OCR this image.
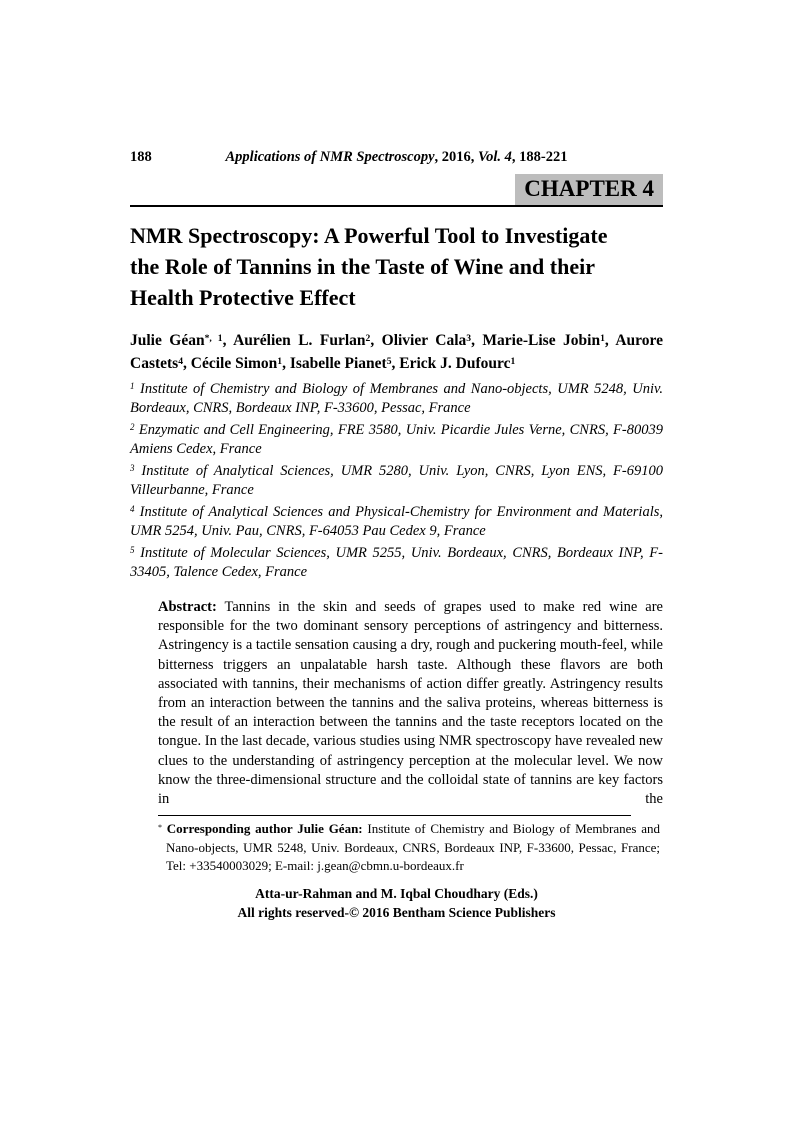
188	Applications of NMR Spectroscopy, 2016, Vol. 4, 188-221
CHAPTER 4
NMR Spectroscopy: A Powerful Tool to Investigate
the Role of Tannins in the Taste of Wine and their
Health Protective Effect

Julie Géan$^{*, 1}$, Aurélien L. Furlan$^2$, Olivier Cala$^3$, Marie-Lise Jobin$^1$, Aurore Castets$^4$, Cécile Simon$^1$, Isabelle Pianet$^5$, Erick J. Dufourc$^1$

$^1$ Institute of Chemistry and Biology of Membranes and Nano-objects, UMR 5248, Univ. Bordeaux, CNRS, Bordeaux INP, F-33600, Pessac, France

$^2$ Enzymatic and Cell Engineering, FRE 3580, Univ. Picardie Jules Verne, CNRS, F-80039 Amiens Cedex, France

$^3$ Institute of Analytical Sciences, UMR 5280, Univ. Lyon, CNRS, Lyon ENS, F-69100 Villeurbanne, France

$^4$ Institute of Analytical Sciences and Physical-Chemistry for Environment and Materials, UMR 5254, Univ. Pau, CNRS, F-64053 Pau Cedex 9, France

$^5$ Institute of Molecular Sciences, UMR 5255, Univ. Bordeaux, CNRS, Bordeaux INP, F-33405, Talence Cedex, France

Abstract: Tannins in the skin and seeds of grapes used to make red wine are responsible for the two dominant sensory perceptions of astringency and bitterness. Astringency is a tactile sensation causing a dry, rough and puckering mouth-feel, while bitterness triggers an unpalatable harsh taste. Although these flavors are both associated with tannins, their mechanisms of action differ greatly. Astringency results from an interaction between the tannins and the saliva proteins, whereas bitterness is the result of an interaction between the tannins and the taste receptors located on the tongue. In the last decade, various studies using NMR spectroscopy have revealed new clues to the understanding of astringency perception at the molecular level. We now know the three-dimensional structure and the colloidal state of tannins are key factors in the

* Corresponding author Julie Géan: Institute of Chemistry and Biology of Membranes and Nano-objects, UMR 5248, Univ. Bordeaux, CNRS, Bordeaux INP, F-33600, Pessac, France; Tel: +33540003029; E-mail: j.gean@cbmn.u-bordeaux.fr

Atta-ur-Rahman and M. Iqbal Choudhary (Eds.)
All rights reserved-© 2016 Bentham Science Publishers
